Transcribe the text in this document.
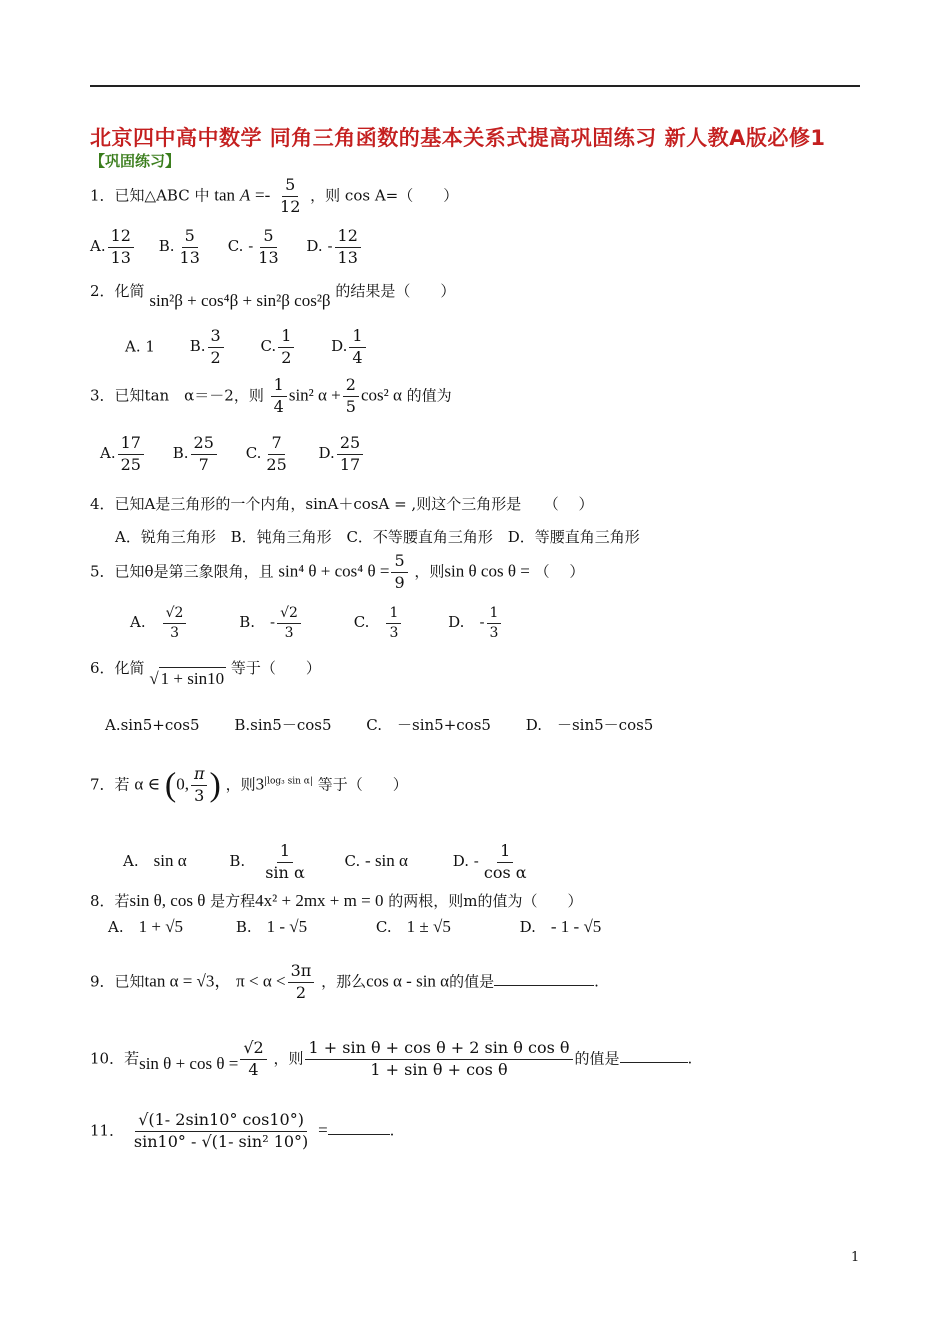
北京四中高中数学 同角三角函数的基本关系式提高巩固练习 新人教A版必修1
【巩固练习】
1．已知△ABC 中 $\tan A =- \frac{5}{12}$ ，则 cos A=（　　）
A. $\frac{12}{13} B$. $\frac{5}{13} C$. - $\frac{5}{13} D$. - $\frac{12}{13}$
2．化简 sin²β + cos⁴β + sin²β cos²β 的结果是（　　）
A. 1 B. $\frac{3}{2} C$. $\frac{1}{2} D$. $\frac{1}{4}$
3．已知tan　α＝－2，则 $\frac{1}{4} \sin^2$ $\alpha + \frac{2}{5} \cos^2$ α 的值为
A. $\frac{17}{25} B$. $\frac{25}{7} C$. $\frac{7}{25} D$. $\frac{25}{17}$
4．已知A是三角形的一个内角，sinA＋cosA = ,则这个三角形是　　（　 ）
A．锐角三角形 B．钝角三角形 C．不等腰直角三角形 D．等腰直角三角形
5．已知θ是第三象限角，且 sin⁴ θ + cos⁴ $\theta = \frac{5}{9}$ ，则sin θ cos θ = （　 ）
A.　 $\frac{√2}{3}$	B.　 - $\frac{√2}{3}$	C.　 $\frac{1}{3}$	D.　 - $\frac{1}{3}$
6．化简 √ 1 + sin10 等于（　　）
A.sin5+cos5 B.sin5－cos5 C.　－sin5+cos5 D.　－sin5－cos5
7．若 α ∈ (0, $\frac{\pi}{3}$ ) ，则$3^{|log_3 sin \alpha|}$ 等于（　　）
A.　 sin α	B.　 $\frac{1}{\text{sin α}} C$. - sin α	D. - $\frac{1}{\text{cos α}}$
8．若sin θ, cos θ 是方程4x² + 2mx + m = 0 的两根，则m的值为（　　）
A.　 1 + √5	B.　 1 - √5	C.　 1 ± √5	D.　 - 1 - √5
9．已知tan α = √3， $\pi < \alpha < \frac{3\pi}{2}$ ，那么cos α - sin α的值是	.
10．若$\sin \theta + \cos \theta = \frac{√2}{4}$ ，则 $\frac{\text{1 + sin θ + cos θ + 2 sin θ cos θ}}{\text{1 + sin θ + cos θ}}$ 的值是	.
11． $\frac{√(1- 2\sin 10^\circ \cos 10^\circ)}{\text{sin10° - √(1- sin² 10°)}}$ =	.
1
